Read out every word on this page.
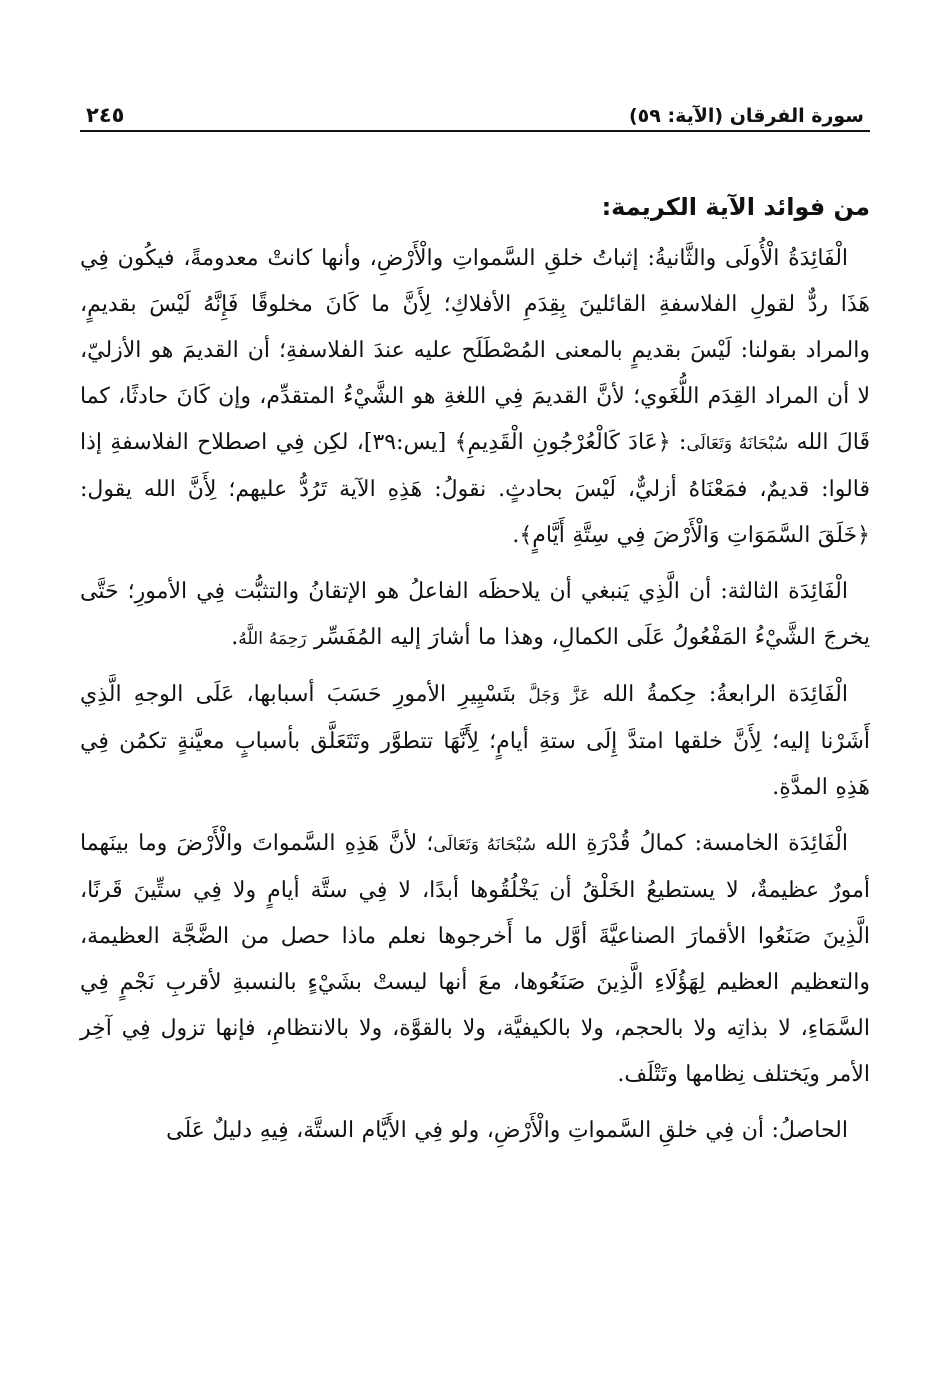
سورة الفرقان (الآية: ٥٩)
٢٤٥
من فوائد الآية الكريمة:

الْفَائِدَةُ الْأُولَى والثَّانيةُ: إثباتُ خلقِ السَّمواتِ والْأَرْضِ، وأنها كانتْ معدومةً، فيكُون فِي هَذَا ردٌّ لقولِ الفلاسفةِ القائلينَ بِقِدَمِ الأفلاكِ؛ لِأَنَّ ما كَانَ مخلوقًا فَإِنَّهُ لَيْسَ بقديمٍ، والمراد بقولنا: لَيْسَ بقديمٍ بالمعنى المُصْطَلَح عليه عندَ الفلاسفةِ؛ أن القديمَ هو الأزليّ، لا أن المراد القِدَم اللُّغَوي؛ لأنَّ القديمَ فِي اللغةِ هو الشَّيْءُ المتقدِّم، وإن كَانَ حادثًا، كما قَالَ الله سُبْحَانَهُ وَتَعَالَى: ﴿عَادَ كَالْعُرْجُونِ الْقَدِيمِ﴾ [يس:٣٩]، لكِن فِي اصطلاح الفلاسفةِ إذا قالوا: قديمٌ، فمَعْنَاهُ أزليٌّ، لَيْسَ بحادثٍ. نقولُ: هَذِهِ الآية تَرُدُّ عليهم؛ لِأَنَّ الله يقول: ﴿خَلَقَ السَّمَوَاتِ وَالْأَرْضَ فِي سِتَّةِ أَيَّامٍ﴾.

الْفَائِدَة الثالثة: أن الَّذِي يَنبغي أن يلاحظَه الفاعلُ هو الإتقانُ والتثبُّت فِي الأمورِ؛ حَتَّى يخرجَ الشَّيْءُ المَفْعُولُ عَلَى الكمالِ، وهذا ما أشارَ إليه المُفَسِّر رَحِمَهُ اللَّهُ.

الْفَائِدَة الرابعةُ: حِكمةُ الله عَزَّ وَجَلَّ بتَسْيِيرِ الأمورِ حَسَبَ أسبابها، عَلَى الوجهِ الَّذِي أَشَرْنا إليه؛ لِأَنَّ خلقها امتدَّ إِلَى ستةِ أيامٍ؛ لِأَنَّهَا تتطوَّر وتَتَعَلَّق بأسبابٍ معيَّنةٍ تكمُن فِي هَذِهِ المدَّةِ.

الْفَائِدَة الخامسة: كمالُ قُدْرَةِ الله سُبْحَانَهُ وَتَعَالَى؛ لأنَّ هَذِهِ السَّمواتَ والْأَرْضَ وما بينَهما أمورٌ عظيمةٌ، لا يستطيعُ الخَلْقُ أن يَخْلُقُوها أبدًا، لا فِي ستَّة أيامٍ ولا فِي ستِّينَ قَرنًا، الَّذِينَ صَنَعُوا الأقمارَ الصناعيَّةَ أوَّل ما أَخرجوها نعلم ماذا حصل من الضَّجَّة العظيمة، والتعظيم العظيم لِهَؤُلَاءِ الَّذِينَ صَنَعُوها، معَ أنها ليستْ بشَيْءٍ بالنسبةِ لأقربِ نَجْمٍ فِي السَّمَاءِ، لا بذاتِه ولا بالحجم، ولا بالكيفيَّة، ولا بالقوَّة، ولا بالانتظامِ، فإنها تزول فِي آخِر الأمر ويَختلف نِظامها وتَتْلَف.

الحاصلُ: أن فِي خلقِ السَّمواتِ والْأَرْضِ، ولو فِي الأَيَّام الستَّة، فِيهِ دليلٌ عَلَى
